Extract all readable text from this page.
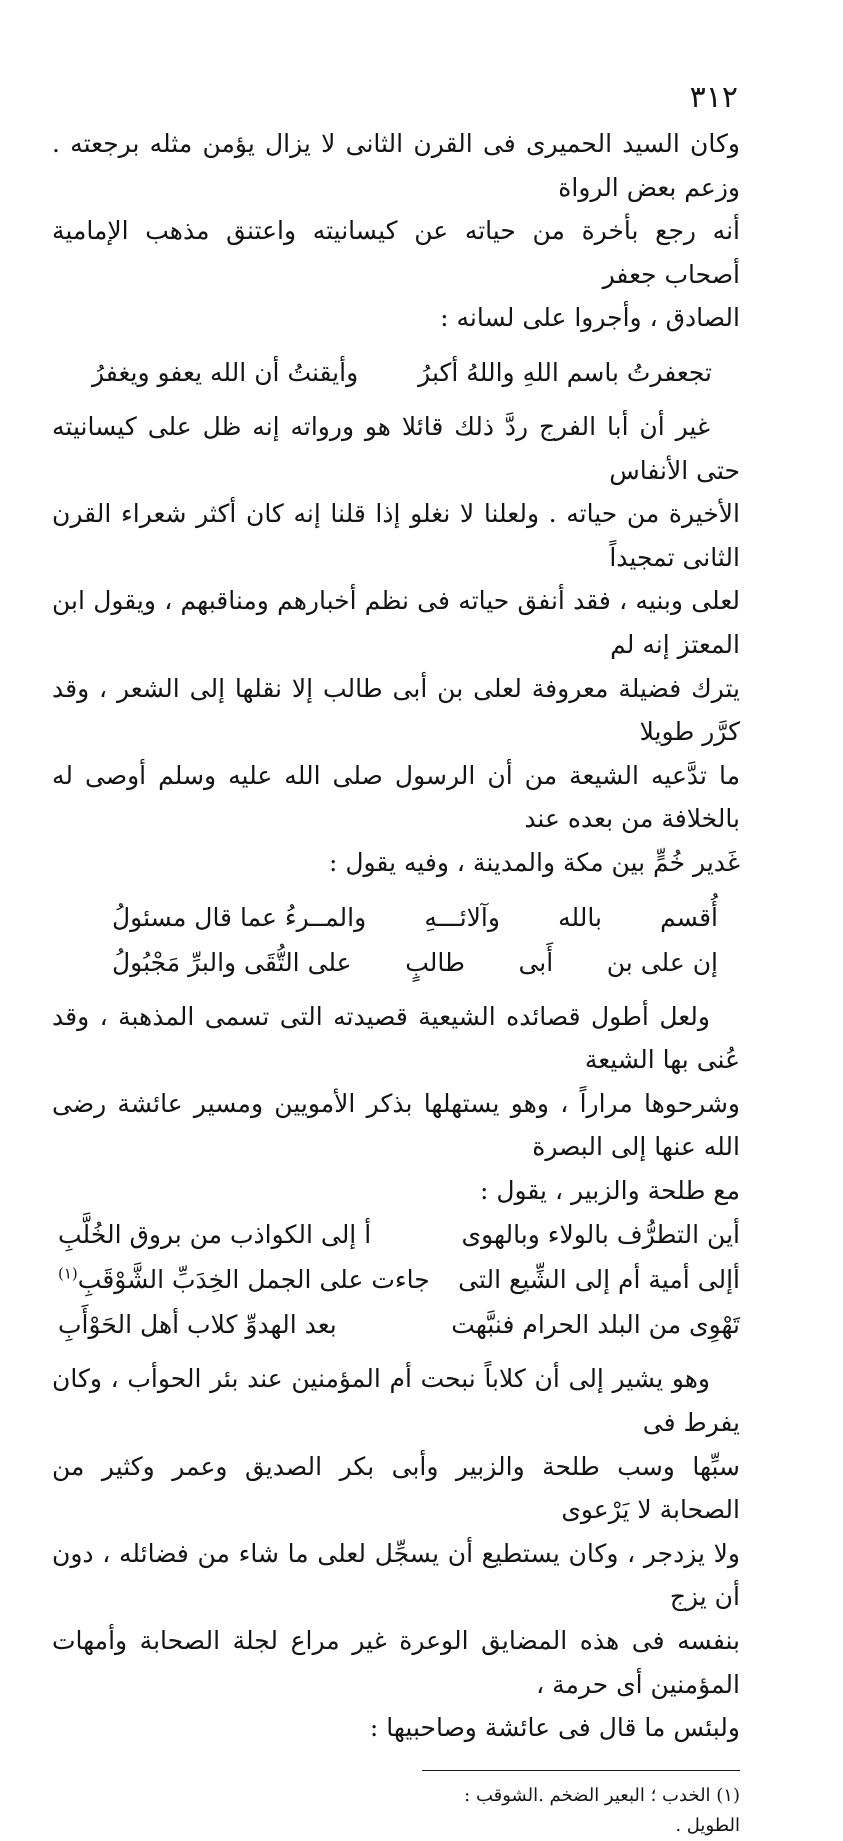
٣١٢

وكان السيد الحميرى فى القرن الثانى لا يزال يؤمن مثله برجعته . وزعم بعض الرواة

أنه رجع بأخرة من حياته عن كيسانيته واعتنق مذهب الإمامية أصحاب جعفر

الصادق ، وأجروا على لسانه :

تجعفرتُ باسم اللهِ واللهُ أكبرُ
وأيقنتُ أن الله يعفو ويغفرُ

غير أن أبا الفرج ردَّ ذلك قائلا هو ورواته إنه ظل على كيسانيته حتى الأنفاس

الأخيرة من حياته . ولعلنا لا نغلو إذا قلنا إنه كان أكثر شعراء القرن الثانى تمجيداً

لعلى وبنيه ، فقد أنفق حياته فى نظم أخبارهم ومناقبهم ، ويقول ابن المعتز إنه لم

يترك فضيلة معروفة لعلى بن أبى طالب إلا نقلها إلى الشعر ، وقد كرَّر طويلا

ما تدَّعيه الشيعة من أن الرسول صلى الله عليه وسلم أوصى له بالخلافة من بعده عند

غَدير خُمٍّ بين مكة والمدينة ، وفيه يقول :

أُقسم
بالله
وآلائـــهِ
والمــرءُ عما قال مسئولُ
إن على بن
أَبى
طالبٍ
على التُّقَى والبرِّ مَجْبُولُ

ولعل أطول قصائده الشيعية قصيدته التى تسمى المذهبة ، وقد عُنى بها الشيعة

وشرحوها مراراً ، وهو يستهلها بذكر الأمويين ومسير عائشة رضى الله عنها إلى البصرة

مع طلحة والزبير ، يقول :

أين التطرُّف بالولاء وبالهوى
أ إلى الكواذب من بروق الخُلَّبِ
أإلى أمية أم إلى الشِّيع التى
جاءت على الجمل الخِدَبِّ الشَّوْقَبِ$^{(١)}$
تَهْوِى من البلد الحرام فنبَّهت
بعد الهدوِّ كلاب أهل الحَوْأَبِ

وهو يشير إلى أن كلاباً نبحت أم المؤمنين عند بئر الحوأب ، وكان يفرط فى

سبِّها وسب طلحة والزبير وأبى بكر الصديق وعمر وكثير من الصحابة لا يَرْعوى

ولا يزدجر ، وكان يستطيع أن يسجِّل لعلى ما شاء من فضائله ، دون أن يزج

بنفسه فى هذه المضايق الوعرة غير مراع لجلة الصحابة وأمهات المؤمنين أى حرمة ،

ولبئس ما قال فى عائشة وصاحبيها :

(١) الخدب ؛ البعير الضخم .الشوقب :

الطويل .
